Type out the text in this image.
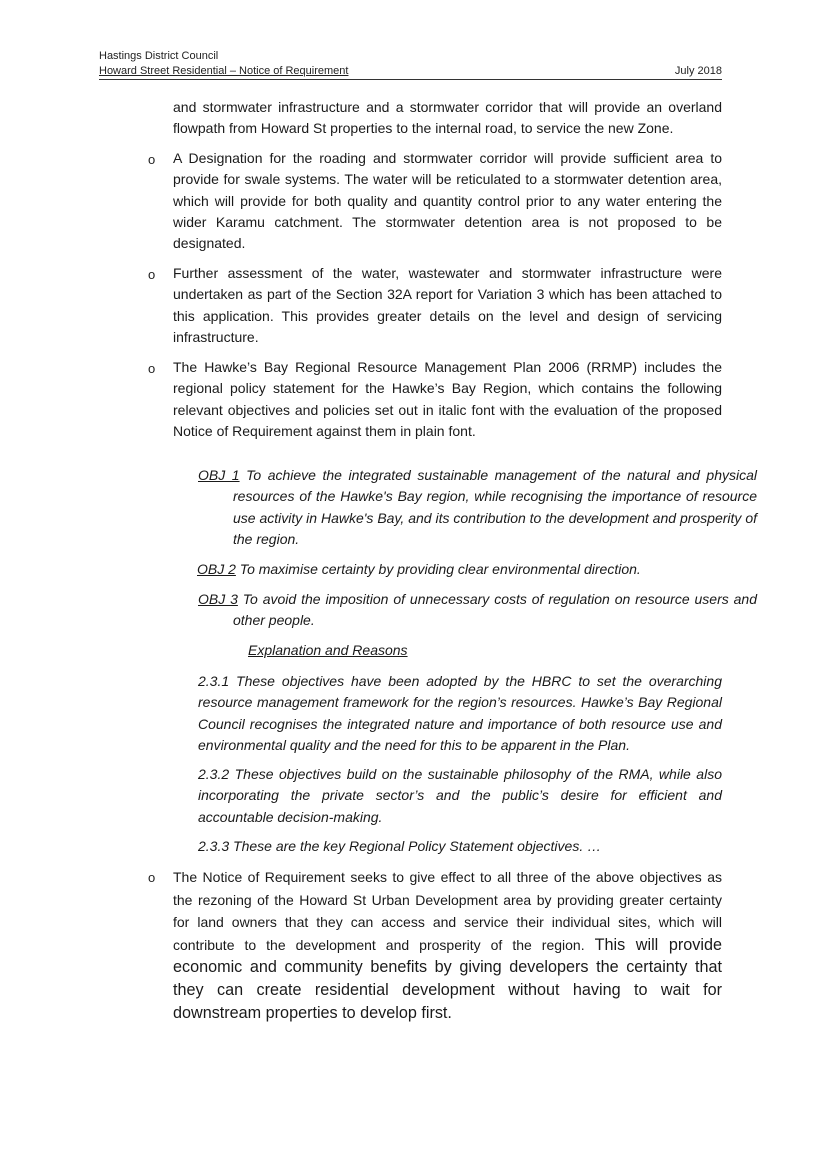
Hastings District Council
Howard Street Residential – Notice of Requirement	July 2018

and stormwater infrastructure and a stormwater corridor that will provide an overland flowpath from Howard St properties to the internal road, to service the new Zone.

o A Designation for the roading and stormwater corridor will provide sufficient area to provide for swale systems. The water will be reticulated to a stormwater detention area, which will provide for both quality and quantity control prior to any water entering the wider Karamu catchment. The stormwater detention area is not proposed to be designated.

o Further assessment of the water, wastewater and stormwater infrastructure were undertaken as part of the Section 32A report for Variation 3 which has been attached to this application. This provides greater details on the level and design of servicing infrastructure.

o The Hawke’s Bay Regional Resource Management Plan 2006 (RRMP) includes the regional policy statement for the Hawke’s Bay Region, which contains the following relevant objectives and policies set out in italic font with the evaluation of the proposed Notice of Requirement against them in plain font.

OBJ 1 To achieve the integrated sustainable management of the natural and physical resources of the Hawke's Bay region, while recognising the importance of resource use activity in Hawke's Bay, and its contribution to the development and prosperity of the region.

OBJ 2 To maximise certainty by providing clear environmental direction.

OBJ 3 To avoid the imposition of unnecessary costs of regulation on resource users and other people.

Explanation and Reasons

2.3.1 These objectives have been adopted by the HBRC to set the overarching resource management framework for the region’s resources. Hawke’s Bay Regional Council recognises the integrated nature and importance of both resource use and environmental quality and the need for this to be apparent in the Plan.

2.3.2 These objectives build on the sustainable philosophy of the RMA, while also incorporating the private sector’s and the public’s desire for efficient and accountable decision-making.

2.3.3 These are the key Regional Policy Statement objectives. …

o The Notice of Requirement seeks to give effect to all three of the above objectives as the rezoning of the Howard St Urban Development area by providing greater certainty for land owners that they can access and service their individual sites, which will contribute to the development and prosperity of the region. This will provide economic and community benefits by giving developers the certainty that they can create residential development without having to wait for downstream properties to develop first.
